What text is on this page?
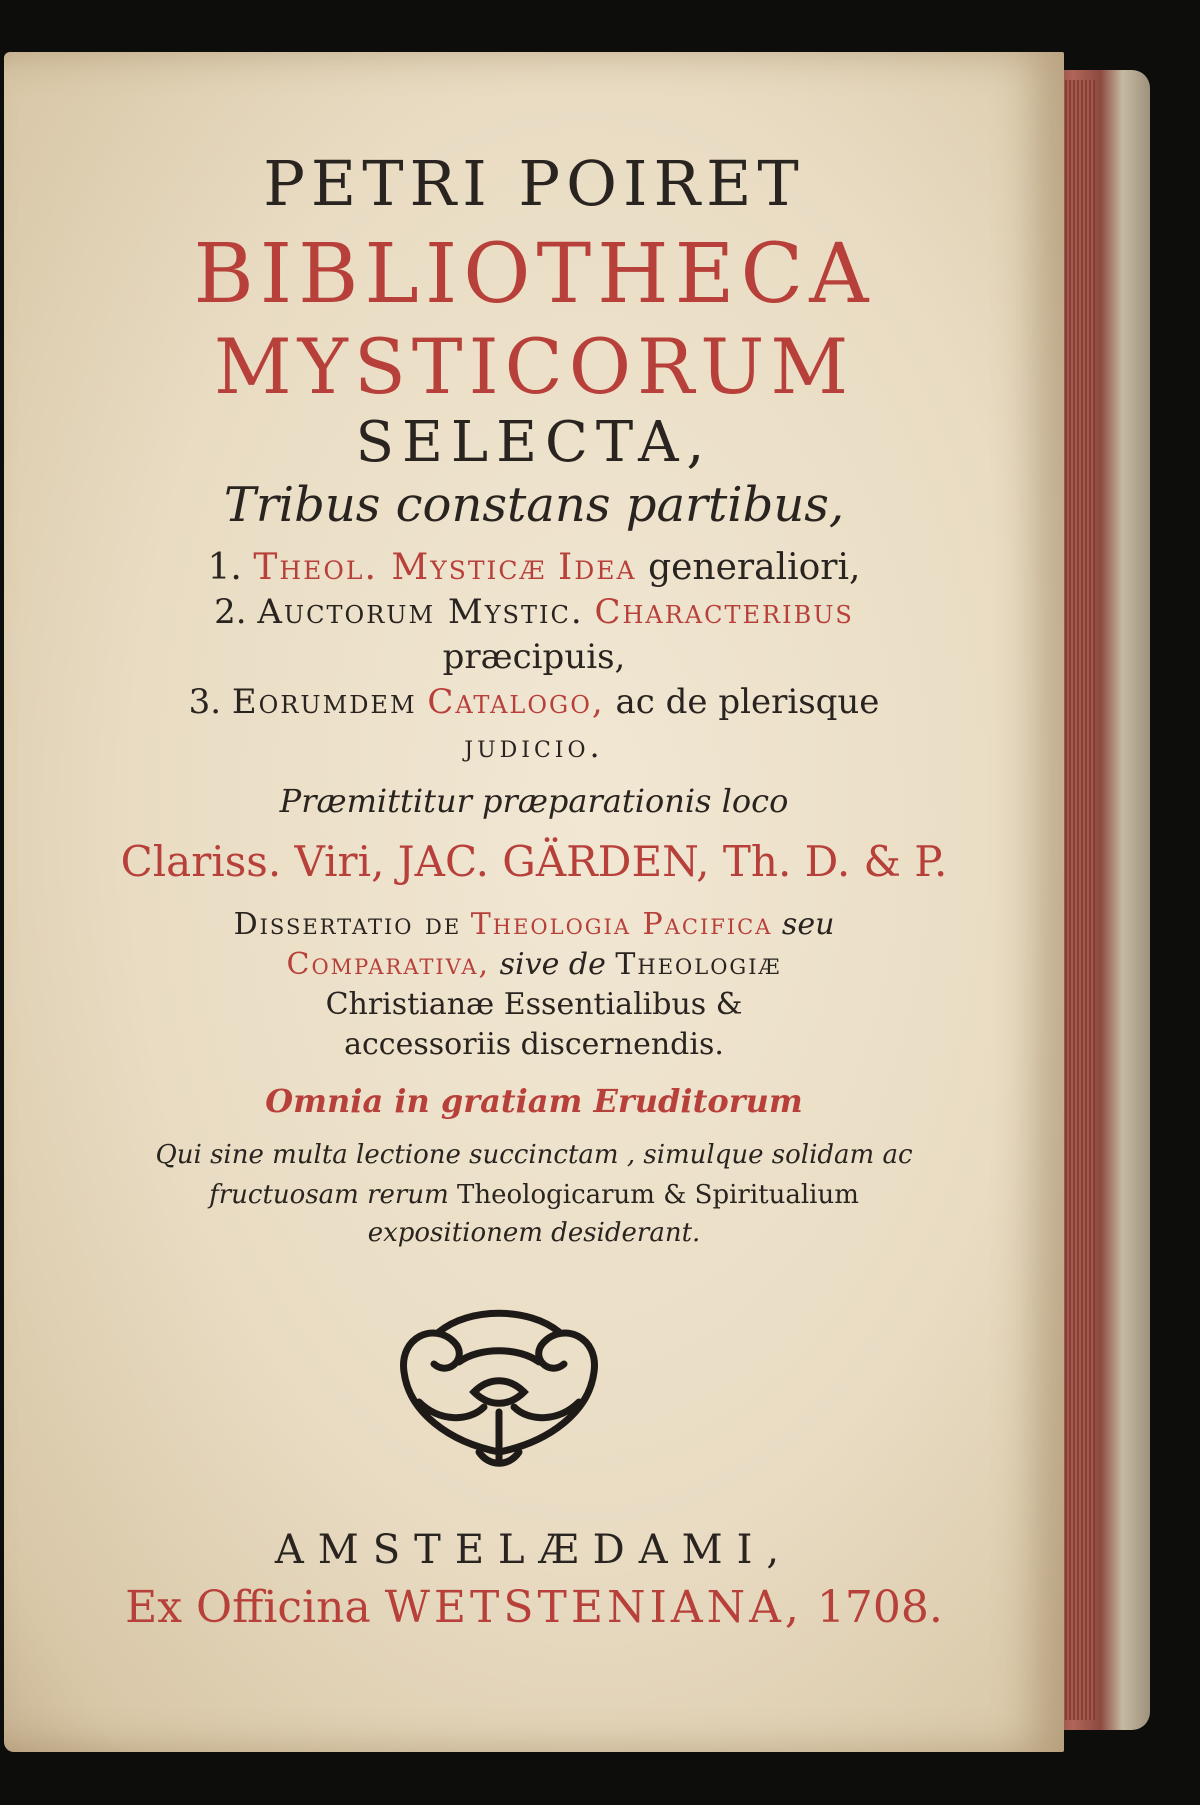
PETRI POIRET
BIBLIOTHECA
MYSTICORUM
SELECTA,
Tribus constans partibus,
1. Theol. Mysticæ Idea generaliori,
2. Auctorum Mystic. Characteribus
præcipuis,
3. Eorumdem Catalogo, ac de plerisque
judicio.
Præmittitur præparationis loco
Clariss. Viri, JAC. GÄRDEN, Th. D. & P.
Dissertatio de Theologia Pacifica seu
Comparativa, sive de Theologiæ
Christianæ Essentialibus &
accessoriis discernendis.
Omnia in gratiam Eruditorum
Qui sine multa lectione succinctam , simulque solidam ac
fructuosam rerum Theologicarum & Spiritualium
expositionem desiderant.
AMSTELÆDAMI,
Ex Officina WETSTENIANA, 1708.
